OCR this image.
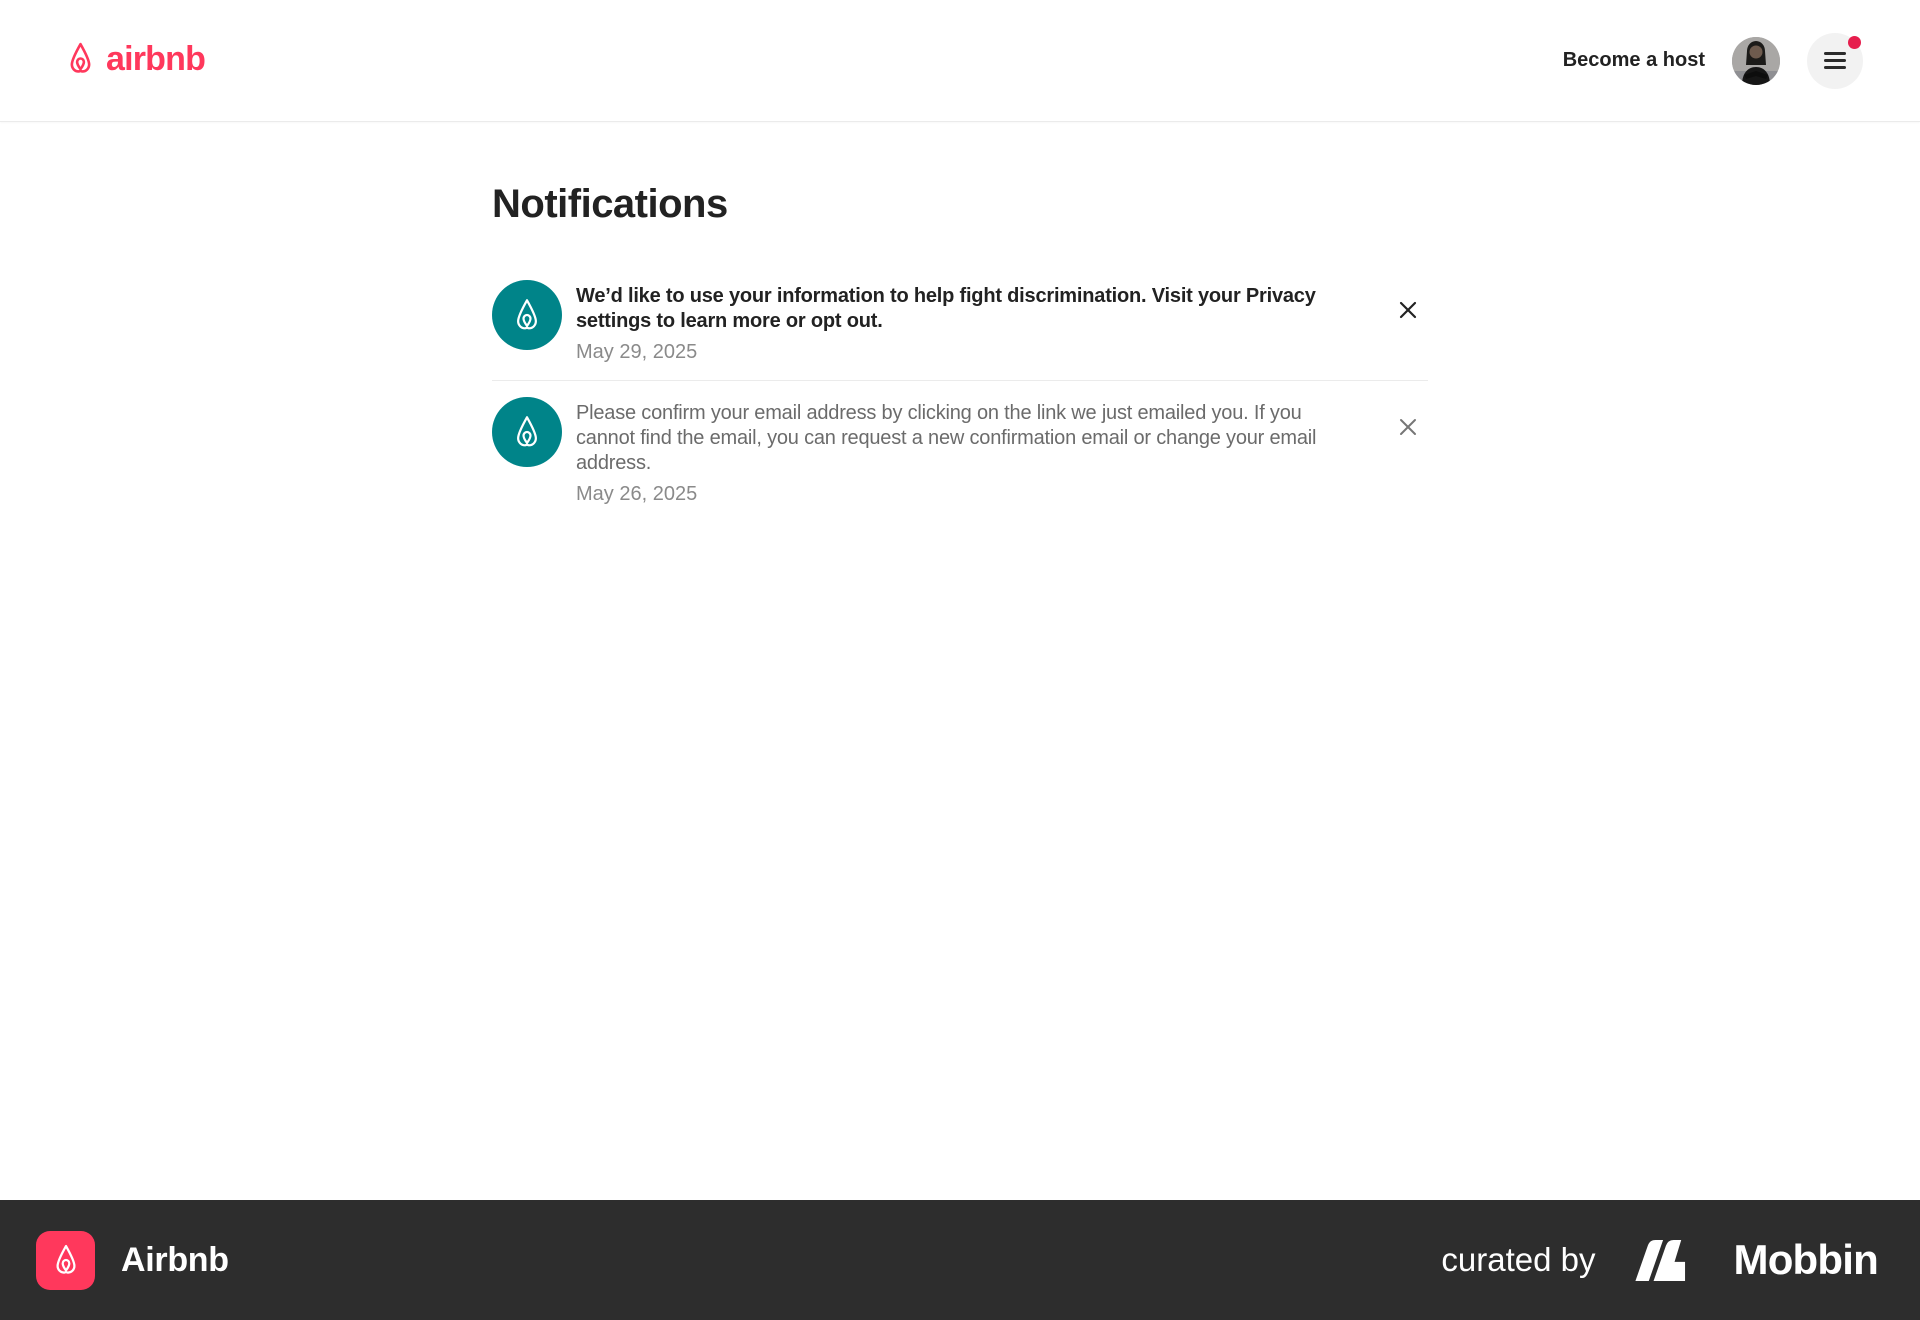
airbnb	Become a host
Notifications
We’d like to use your information to help fight discrimination. Visit your Privacy settings to learn more or opt out.
May 29, 2025
Please confirm your email address by clicking on the link we just emailed you. If you cannot find the email, you can request a new confirmation email or change your email address.
May 26, 2025
Airbnb	curated by	Mobbin
